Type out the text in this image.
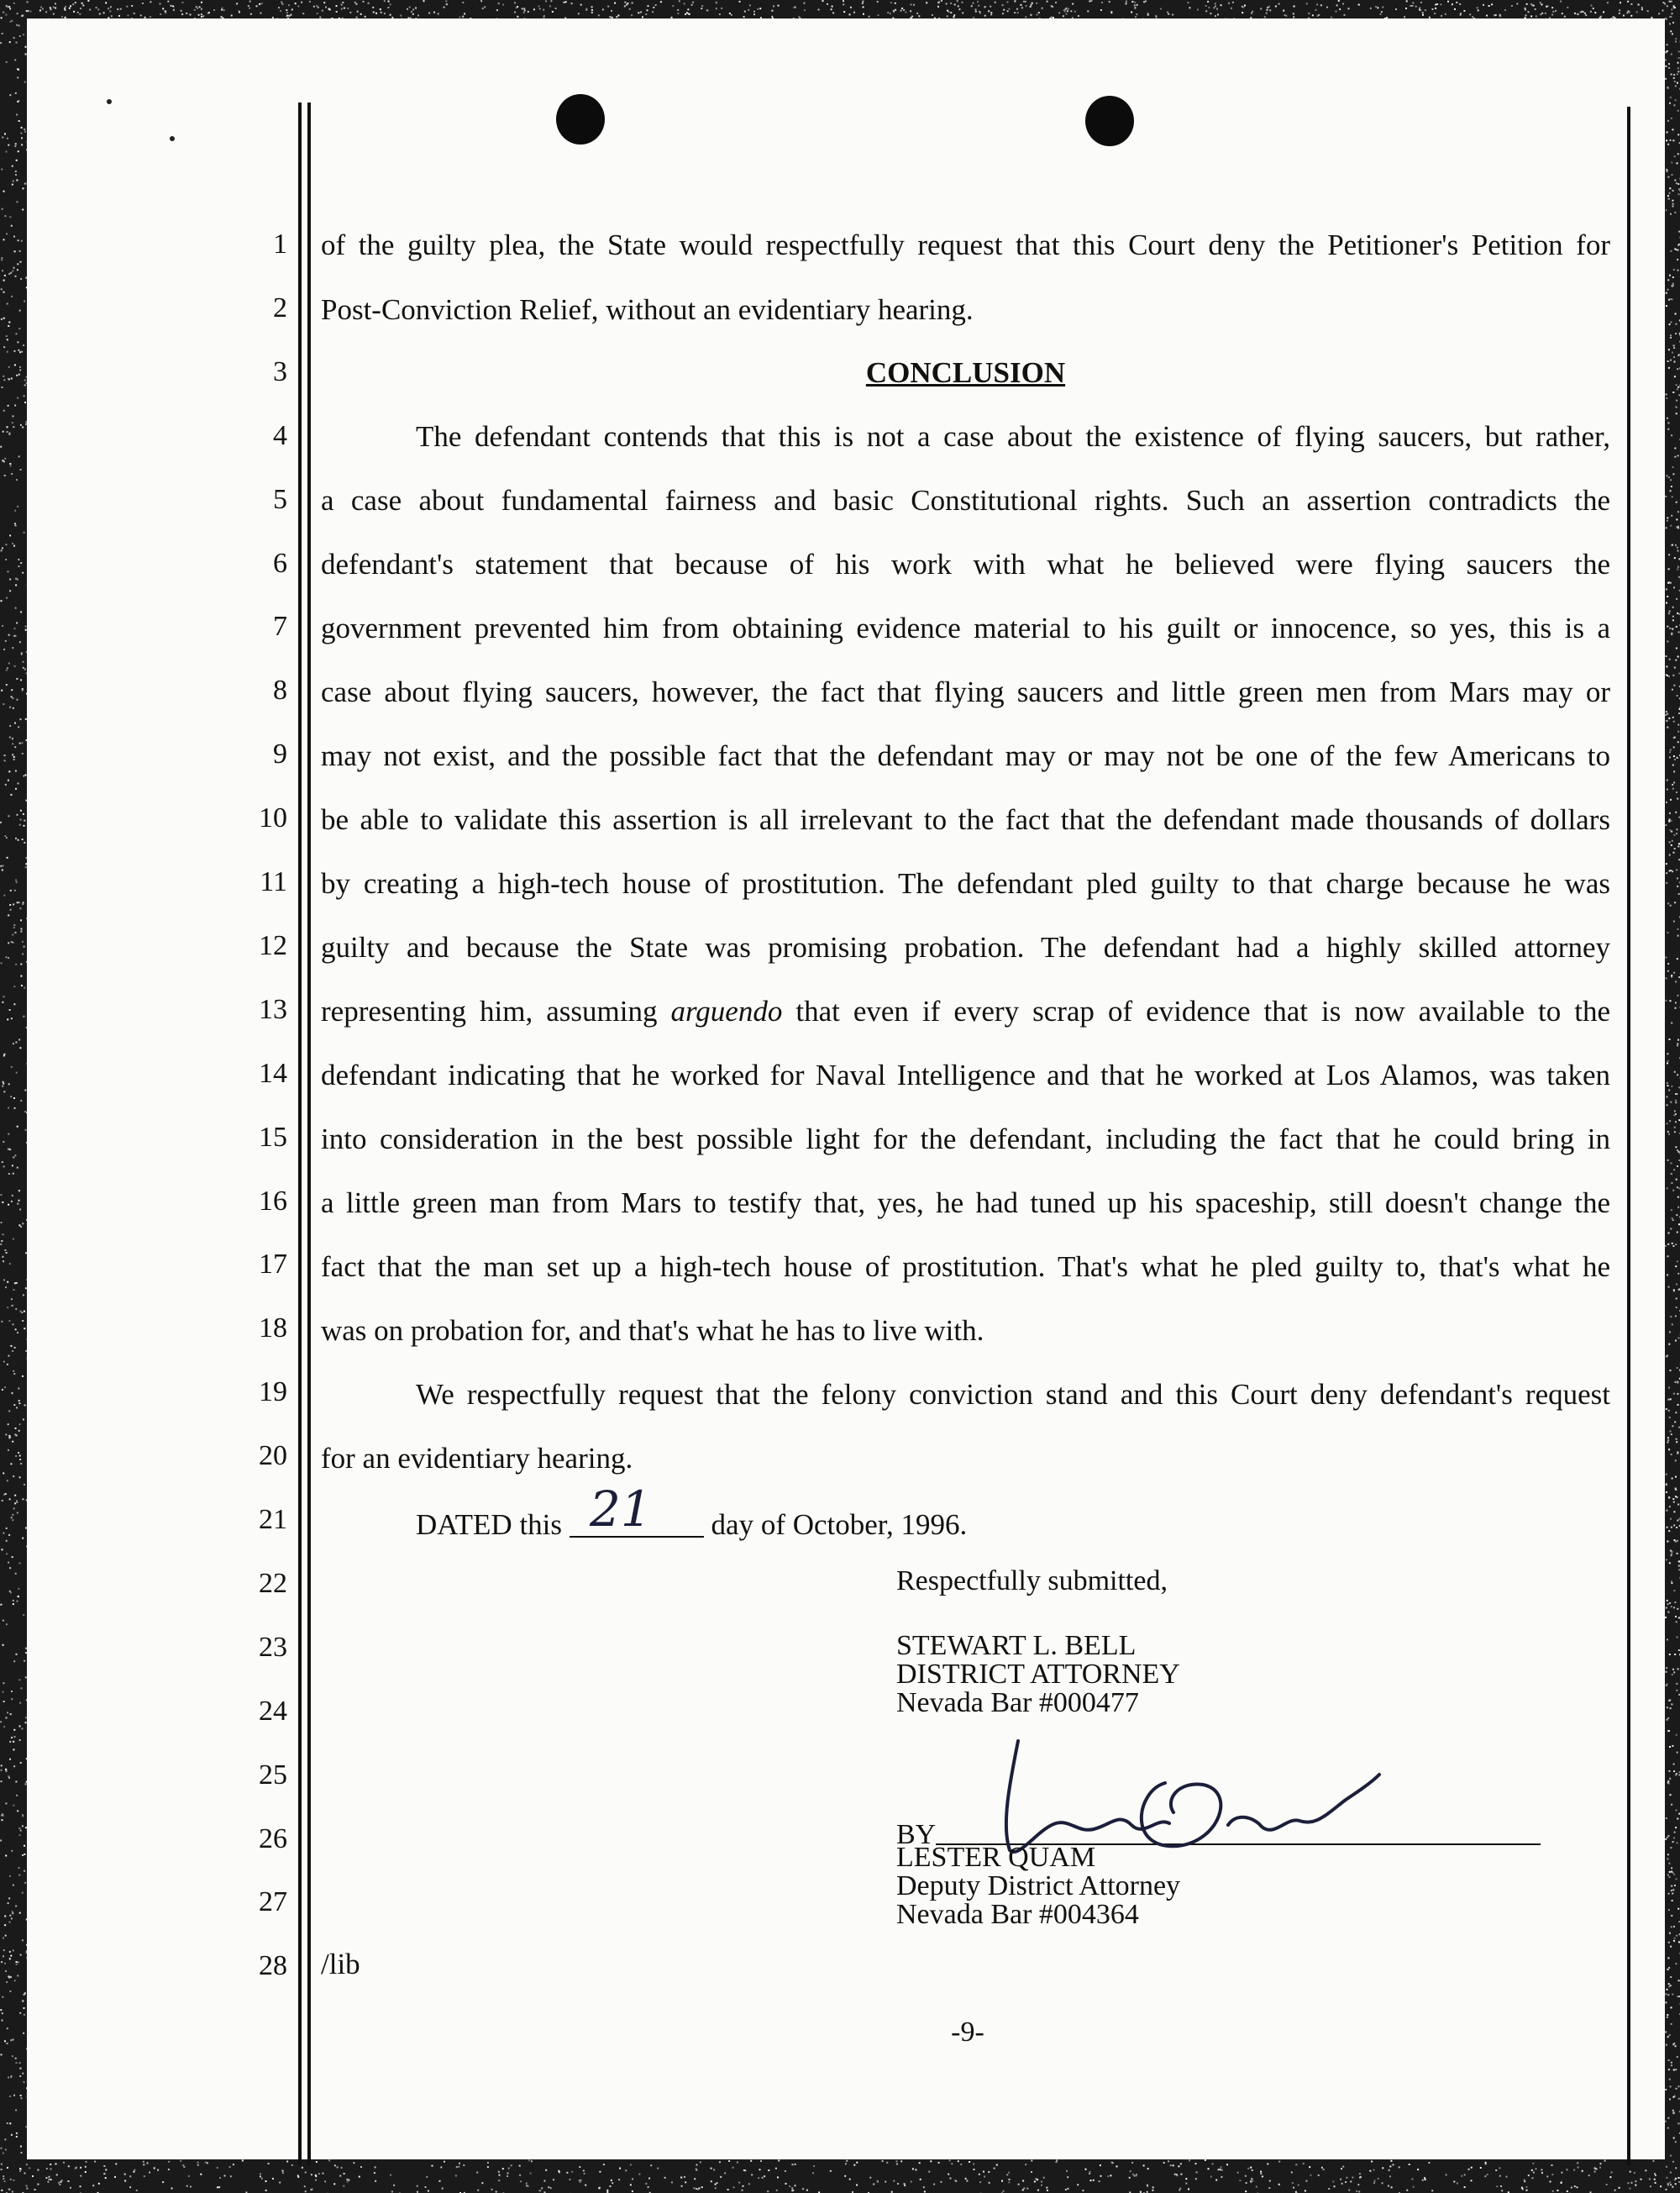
of the guilty plea, the State would respectfully request that this Court deny the Petitioner's Petition for
Post-Conviction Relief, without an evidentiary hearing.
CONCLUSION
The defendant contends that this is not a case about the existence of flying saucers, but rather,
a case about fundamental fairness and basic Constitutional rights. Such an assertion contradicts the
defendant's statement that because of his work with what he believed were flying saucers the
government prevented him from obtaining evidence material to his guilt or innocence, so yes, this is a
case about flying saucers, however, the fact that flying saucers and little green men from Mars may or
may not exist, and the possible fact that the defendant may or may not be one of the few Americans to
be able to validate this assertion is all irrelevant to the fact that the defendant made thousands of dollars
by creating a high-tech house of prostitution. The defendant pled guilty to that charge because he was
guilty and because the State was promising probation. The defendant had a highly skilled attorney
representing him, assuming arguendo that even if every scrap of evidence that is now available to the
defendant indicating that he worked for Naval Intelligence and that he worked at Los Alamos, was taken
into consideration in the best possible light for the defendant, including the fact that he could bring in
a little green man from Mars to testify that, yes, he had tuned up his spaceship, still doesn't change the
fact that the man set up a high-tech house of prostitution. That's what he pled guilty to, that's what he
was on probation for, and that's what he has to live with.
We respectfully request that the felony conviction stand and this Court deny defendant's request
for an evidentiary hearing.
DATED this	day of October, 1996.
21
Respectfully submitted,
STEWART L. BELL
DISTRICT ATTORNEY
Nevada Bar #000477
BY
LESTER QUAM
Deputy District Attorney
Nevada Bar #004364
/lib
-9-
1
2
3
4
5
6
7
8
9
10
11
12
13
14
15
16
17
18
19
20
21
22
23
24
25
26
27
28
